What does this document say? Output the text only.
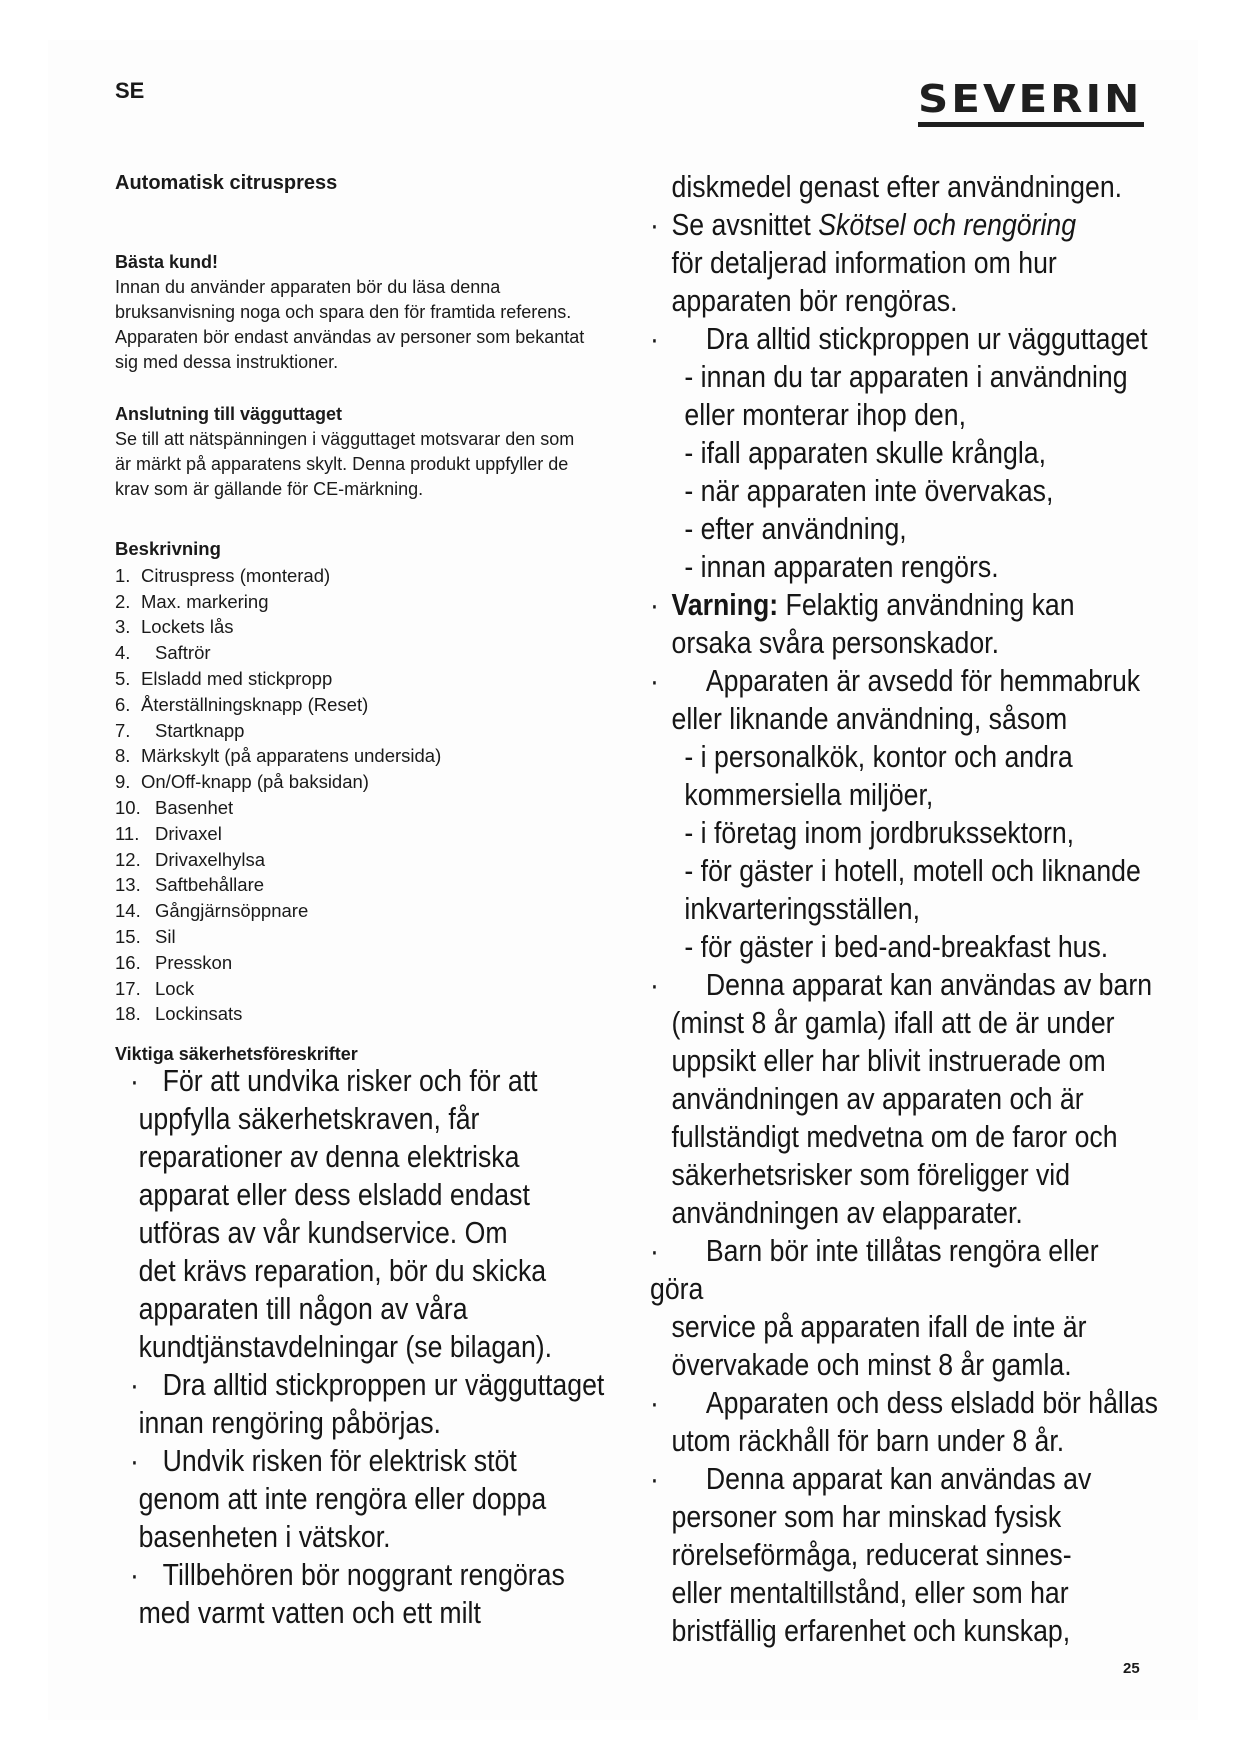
SE	SEVERIN
Automatisk citruspress
Bästa kund!
Innan du använder apparaten bör du läsa denna
bruksanvisning noga och spara den för framtida referens.
Apparaten bör endast användas av personer som bekantat
sig med dessa instruktioner.
Anslutning till vägguttaget
Se till att nätspänningen i vägguttaget motsvarar den som
är märkt på apparatens skylt. Denna produkt uppfyller de
krav som är gällande för CE-märkning.
Beskrivning
1. Citruspress (monterad)
2. Max. markering
3. Lockets lås
4.	Saftrör
5. Elsladd med stickpropp
6. Återställningsknapp (Reset)
7.	Startknapp
8. Märkskylt (på apparatens undersida)
9. On/Off-knapp (på baksidan)
10. Basenhet
11. Drivaxel
12. Drivaxelhylsa
13. Saftbehållare
14. Gångjärnsöppnare
15. Sil
16. Presskon
17. Lock
18. Lockinsats
Viktiga säkerhetsföreskrifter
· För att undvika risker och för att
uppfylla säkerhetskraven, får
reparationer av denna elektriska
apparat eller dess elsladd endast
utföras av vår kundservice. Om
det krävs reparation, bör du skicka
apparaten till någon av våra
kundtjänstavdelningar (se bilagan).
· Dra alltid stickproppen ur vägguttaget
innan rengöring påbörjas.
· Undvik risken för elektrisk stöt
genom att inte rengöra eller doppa
basenheten i vätskor.
· Tillbehören bör noggrant rengöras
med varmt vatten och ett milt
diskmedel genast efter användningen.
· Se avsnittet Skötsel och rengöring
för detaljerad information om hur
apparaten bör rengöras.
· Dra alltid stickproppen ur vägguttaget
- innan du tar apparaten i användning
eller monterar ihop den,
- ifall apparaten skulle krångla,
- när apparaten inte övervakas,
- efter användning,
- innan apparaten rengörs.
· Varning: Felaktig användning kan
orsaka svåra personskador.
· Apparaten är avsedd för hemmabruk
eller liknande användning, såsom
- i personalkök, kontor och andra
kommersiella miljöer,
- i företag inom jordbrukssektorn,
- för gäster i hotell, motell och liknande
inkvarteringsställen,
- för gäster i bed-and-breakfast hus.
· Denna apparat kan användas av barn
(minst 8 år gamla) ifall att de är under
uppsikt eller har blivit instruerade om
användningen av apparaten och är
fullständigt medvetna om de faror och
säkerhetsrisker som föreligger vid
användningen av elapparater.
· Barn bör inte tillåtas rengöra eller göra
service på apparaten ifall de inte är
övervakade och minst 8 år gamla.
· Apparaten och dess elsladd bör hållas
utom räckhåll för barn under 8 år.
· Denna apparat kan användas av
personer som har minskad fysisk
rörelseförmåga, reducerat sinnes-
eller mentaltillstånd, eller som har
bristfällig erfarenhet och kunskap,
25
